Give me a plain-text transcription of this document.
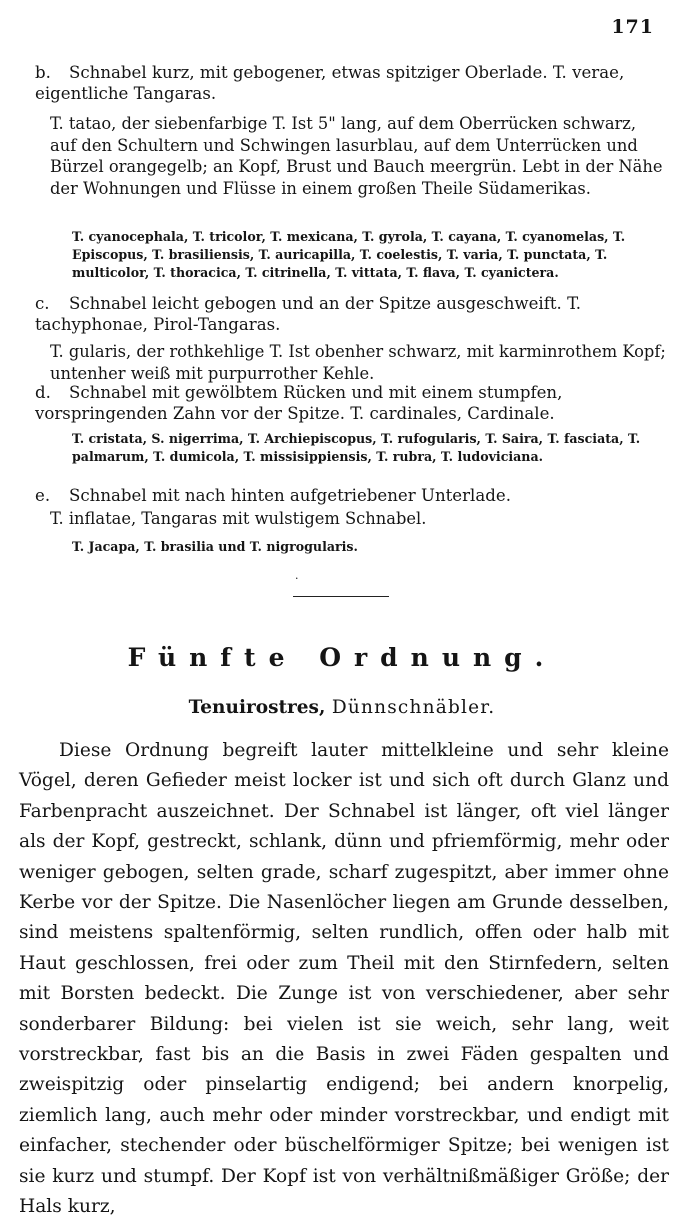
171
b. Schnabel kurz, mit gebogener, etwas spitziger Oberlade. T. verae, eigentliche Tangaras.
T. tatao, der siebenfarbige T. Ist 5" lang, auf dem Oberrücken schwarz, auf den Schultern und Schwingen lasurblau, auf dem Unterrücken und Bürzel orangegelb; an Kopf, Brust und Bauch meergrün. Lebt in der Nähe der Wohnungen und Flüsse in einem großen Theile Südamerikas.
T. cyanocephala, T. tricolor, T. mexicana, T. gyrola, T. cayana, T. cyanomelas, T. Episcopus, T. brasiliensis, T. auricapilla, T. coelestis, T. varia, T. punctata, T. multicolor, T. thoracica, T. citrinella, T. vittata, T. flava, T. cyanictera.
c. Schnabel leicht gebogen und an der Spitze ausgeschweift. T. tachyphonae, Pirol-Tangaras.
T. gularis, der rothkehlige T. Ist obenher schwarz, mit karminrothem Kopf; untenher weiß mit purpurrother Kehle.
d. Schnabel mit gewölbtem Rücken und mit einem stumpfen, vorspringenden Zahn vor der Spitze. T. cardinales, Cardinale.
T. cristata, S. nigerrima, T. Archiepiscopus, T. rufogularis, T. Saira, T. fasciata, T. palmarum, T. dumicola, T. missisippiensis, T. rubra, T. ludoviciana.
e. Schnabel mit nach hinten aufgetriebener Unterlade.
T. inflatae, Tangaras mit wulstigem Schnabel.
T. Jacapa, T. brasilia und T. nigrogularis.
·
Fünfte Ordnung.
Tenuirostres, Dünnschnäbler.

Diese Ordnung begreift lauter mittelkleine und sehr kleine Vögel, deren Gefieder meist locker ist und sich oft durch Glanz und Farbenpracht auszeichnet. Der Schnabel ist länger, oft viel länger als der Kopf, gestreckt, schlank, dünn und pfriemförmig, mehr oder weniger gebogen, selten grade, scharf zugespitzt, aber immer ohne Kerbe vor der Spitze. Die Nasenlöcher liegen am Grunde desselben, sind meistens spaltenförmig, selten rundlich, offen oder halb mit Haut geschlossen, frei oder zum Theil mit den Stirnfedern, selten mit Borsten bedeckt. Die Zunge ist von verschiedener, aber sehr sonderbarer Bildung: bei vielen ist sie weich, sehr lang, weit vorstreckbar, fast bis an die Basis in zwei Fäden gespalten und zweispitzig oder pinselartig endigend; bei andern knorpelig, ziemlich lang, auch mehr oder minder vorstreckbar, und endigt mit einfacher, stechender oder büschelförmiger Spitze; bei wenigen ist sie kurz und stumpf. Der Kopf ist von verhältnißmäßiger Größe; der Hals kurz,
